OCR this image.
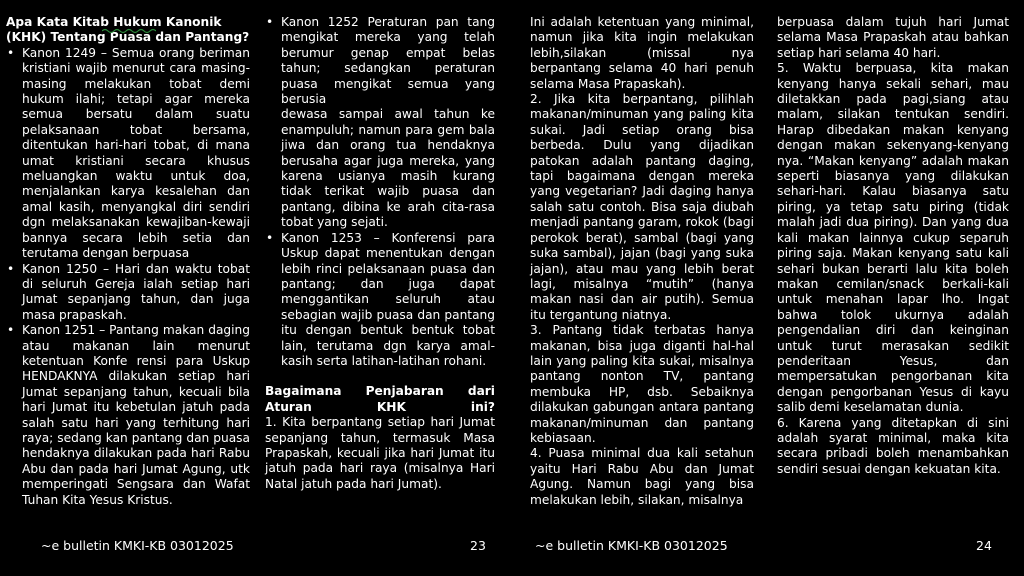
Apa Kata Kitab Hukum Kanonik (KHK) Tentang Puasa dan Pantang?

• Kanon 1249 – Semua orang beriman kristiani wajib menurut cara masing-masing melakukan tobat demi hukum ilahi; tetapi agar mereka semua bersatu dalam suatu pelaksanaan tobat bersama, ditentukan hari-hari tobat, di mana umat kristiani secara khusus meluangkan waktu untuk doa, menjalankan karya kesalehan dan amal kasih, menyangkal diri sendiri dgn melaksanakan kewajiban-kewaji bannya secara lebih setia dan terutama dengan berpuasa
• Kanon 1250 – Hari dan waktu tobat di seluruh Gereja ialah setiap hari Jumat sepanjang tahun, dan juga masa prapaskah.
• Kanon 1251 – Pantang makan daging atau makanan lain menurut ketentuan Konfe rensi para Uskup HENDAKNYA dilakukan setiap hari Jumat sepanjang tahun, kecuali bila hari Jumat itu kebetulan jatuh pada salah satu hari yang terhitung hari raya; sedang kan pantang dan puasa hendaknya dilakukan pada hari Rabu Abu dan pada hari Jumat Agung, utk memperingati Sengsara dan Wafat Tuhan Kita Yesus Kristus.
• Kanon 1252 Peraturan pan tang mengikat mereka yang telah berumur genap empat belas tahun; sedangkan peraturan puasa mengikat semua yang berusia

dewasa sampai awal tahun ke enampuluh; namun para gem bala jiwa dan orang tua hendaknya berusaha agar juga mereka, yang karena usianya masih kurang tidak terikat wajib puasa dan pantang, dibina ke arah cita-rasa tobat yang sejati.

• Kanon 1253 – Konferensi para Uskup dapat menentukan dengan lebih rinci pelaksanaan puasa dan pantang; dan juga dapat menggantikan seluruh atau sebagian wajib puasa dan pantang itu dengan bentuk bentuk tobat lain, terutama dgn karya amal-kasih serta latihan-latihan rohani.

Bagaimana Penjabaran dari Aturan KHK ini?

1. Kita berpantang setiap hari Jumat sepanjang tahun, termasuk Masa Prapaskah, kecuali jika hari Jumat itu jatuh pada hari raya (misalnya Hari Natal jatuh pada hari Jumat).

Ini adalah ketentuan yang minimal, namun jika kita ingin melakukan lebih,silakan (missal nya berpantang selama 40 hari penuh selama Masa Prapaskah).

2. Jika kita berpantang, pilihlah makanan/minuman yang paling kita sukai. Jadi setiap orang bisa berbeda. Dulu yang dijadikan patokan adalah pantang daging, tapi bagaimana dengan mereka yang vegetarian? Jadi daging hanya salah satu contoh. Bisa saja diubah menjadi pantang garam, rokok (bagi perokok berat), sambal (bagi yang suka sambal), jajan (bagi yang suka jajan), atau mau yang lebih berat lagi, misalnya “mutih” (hanya makan nasi dan air putih). Semua itu tergantung niatnya.

3. Pantang tidak terbatas hanya makanan, bisa juga diganti hal-hal lain yang paling kita sukai, misalnya pantang nonton TV, pantang membuka HP, dsb. Sebaiknya dilakukan gabungan antara pantang makanan/minuman dan pantang kebiasaan.

4. Puasa minimal dua kali setahun yaitu Hari Rabu Abu dan Jumat Agung. Namun bagi yang bisa melakukan lebih, silakan, misalnya

berpuasa dalam tujuh hari Jumat selama Masa Prapaskah atau bahkan setiap hari selama 40 hari.

5. Waktu berpuasa, kita makan kenyang hanya sekali sehari, mau diletakkan pada pagi,siang atau malam, silakan tentukan sendiri. Harap dibedakan makan kenyang dengan makan sekenyang-kenyang nya. “Makan kenyang” adalah makan seperti biasanya yang dilakukan sehari-hari. Kalau biasanya satu piring, ya tetap satu piring (tidak malah jadi dua piring). Dan yang dua kali makan lainnya cukup separuh piring saja. Makan kenyang satu kali sehari bukan berarti lalu kita boleh makan cemilan/snack berkali-kali untuk menahan lapar lho. Ingat bahwa tolok ukurnya adalah pengendalian diri dan keinginan untuk turut merasakan sedikit penderitaan Yesus, dan mempersatukan pengorbanan kita dengan pengorbanan Yesus di kayu salib demi keselamatan dunia.

6. Karena yang ditetapkan di sini adalah syarat minimal, maka kita secara pribadi boleh menambahkan sendiri sesuai dengan kekuatan kita.

~e bulletin KMKI-KB 03012025	23	~e bulletin KMKI-KB 03012025	24
